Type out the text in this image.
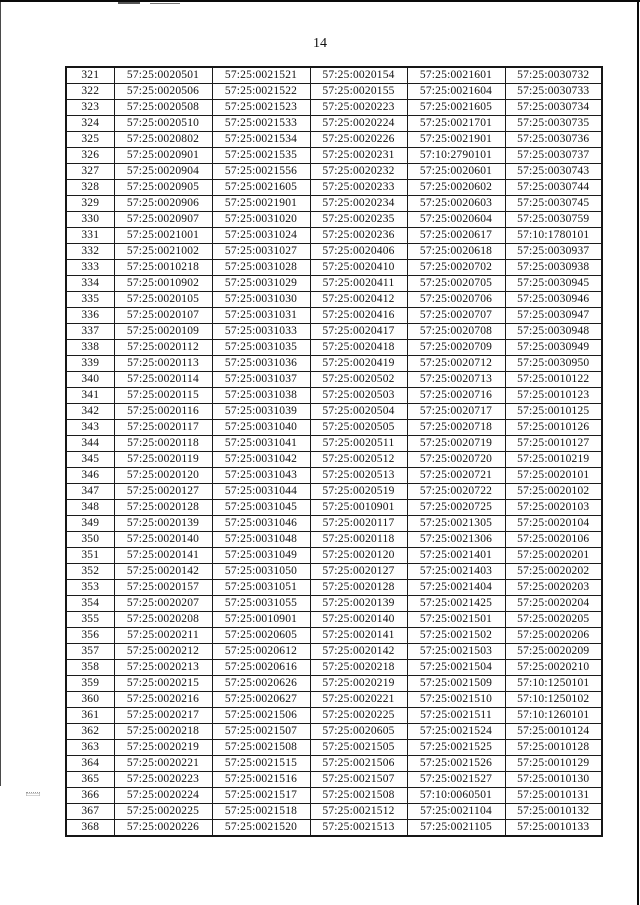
14
321	57:25:0020501	57:25:0021521	57:25:0020154	57:25:0021601	57:25:0030732
322	57:25:0020506	57:25:0021522	57:25:0020155	57:25:0021604	57:25:0030733
323	57:25:0020508	57:25:0021523	57:25:0020223	57:25:0021605	57:25:0030734
324	57:25:0020510	57:25:0021533	57:25:0020224	57:25:0021701	57:25:0030735
325	57:25:0020802	57:25:0021534	57:25:0020226	57:25:0021901	57:25:0030736
326	57:25:0020901	57:25:0021535	57:25:0020231	57:10:2790101	57:25:0030737
327	57:25:0020904	57:25:0021556	57:25:0020232	57:25:0020601	57:25:0030743
328	57:25:0020905	57:25:0021605	57:25:0020233	57:25:0020602	57:25:0030744
329	57:25:0020906	57:25:0021901	57:25:0020234	57:25:0020603	57:25:0030745
330	57:25:0020907	57:25:0031020	57:25:0020235	57:25:0020604	57:25:0030759
331	57:25:0021001	57:25:0031024	57:25:0020236	57:25:0020617	57:10:1780101
332	57:25:0021002	57:25:0031027	57:25:0020406	57:25:0020618	57:25:0030937
333	57:25:0010218	57:25:0031028	57:25:0020410	57:25:0020702	57:25:0030938
334	57:25:0010902	57:25:0031029	57:25:0020411	57:25:0020705	57:25:0030945
335	57:25:0020105	57:25:0031030	57:25:0020412	57:25:0020706	57:25:0030946
336	57:25:0020107	57:25:0031031	57:25:0020416	57:25:0020707	57:25:0030947
337	57:25:0020109	57:25:0031033	57:25:0020417	57:25:0020708	57:25:0030948
338	57:25:0020112	57:25:0031035	57:25:0020418	57:25:0020709	57:25:0030949
339	57:25:0020113	57:25:0031036	57:25:0020419	57:25:0020712	57:25:0030950
340	57:25:0020114	57:25:0031037	57:25:0020502	57:25:0020713	57:25:0010122
341	57:25:0020115	57:25:0031038	57:25:0020503	57:25:0020716	57:25:0010123
342	57:25:0020116	57:25:0031039	57:25:0020504	57:25:0020717	57:25:0010125
343	57:25:0020117	57:25:0031040	57:25:0020505	57:25:0020718	57:25:0010126
344	57:25:0020118	57:25:0031041	57:25:0020511	57:25:0020719	57:25:0010127
345	57:25:0020119	57:25:0031042	57:25:0020512	57:25:0020720	57:25:0010219
346	57:25:0020120	57:25:0031043	57:25:0020513	57:25:0020721	57:25:0020101
347	57:25:0020127	57:25:0031044	57:25:0020519	57:25:0020722	57:25:0020102
348	57:25:0020128	57:25:0031045	57:25:0010901	57:25:0020725	57:25:0020103
349	57:25:0020139	57:25:0031046	57:25:0020117	57:25:0021305	57:25:0020104
350	57:25:0020140	57:25:0031048	57:25:0020118	57:25:0021306	57:25:0020106
351	57:25:0020141	57:25:0031049	57:25:0020120	57:25:0021401	57:25:0020201
352	57:25:0020142	57:25:0031050	57:25:0020127	57:25:0021403	57:25:0020202
353	57:25:0020157	57:25:0031051	57:25:0020128	57:25:0021404	57:25:0020203
354	57:25:0020207	57:25:0031055	57:25:0020139	57:25:0021425	57:25:0020204
355	57:25:0020208	57:25:0010901	57:25:0020140	57:25:0021501	57:25:0020205
356	57:25:0020211	57:25:0020605	57:25:0020141	57:25:0021502	57:25:0020206
357	57:25:0020212	57:25:0020612	57:25:0020142	57:25:0021503	57:25:0020209
358	57:25:0020213	57:25:0020616	57:25:0020218	57:25:0021504	57:25:0020210
359	57:25:0020215	57:25:0020626	57:25:0020219	57:25:0021509	57:10:1250101
360	57:25:0020216	57:25:0020627	57:25:0020221	57:25:0021510	57:10:1250102
361	57:25:0020217	57:25:0021506	57:25:0020225	57:25:0021511	57:10:1260101
362	57:25:0020218	57:25:0021507	57:25:0020605	57:25:0021524	57:25:0010124
363	57:25:0020219	57:25:0021508	57:25:0021505	57:25:0021525	57:25:0010128
364	57:25:0020221	57:25:0021515	57:25:0021506	57:25:0021526	57:25:0010129
365	57:25:0020223	57:25:0021516	57:25:0021507	57:25:0021527	57:25:0010130
366	57:25:0020224	57:25:0021517	57:25:0021508	57:10:0060501	57:25:0010131
367	57:25:0020225	57:25:0021518	57:25:0021512	57:25:0021104	57:25:0010132
368	57:25:0020226	57:25:0021520	57:25:0021513	57:25:0021105	57:25:0010133
